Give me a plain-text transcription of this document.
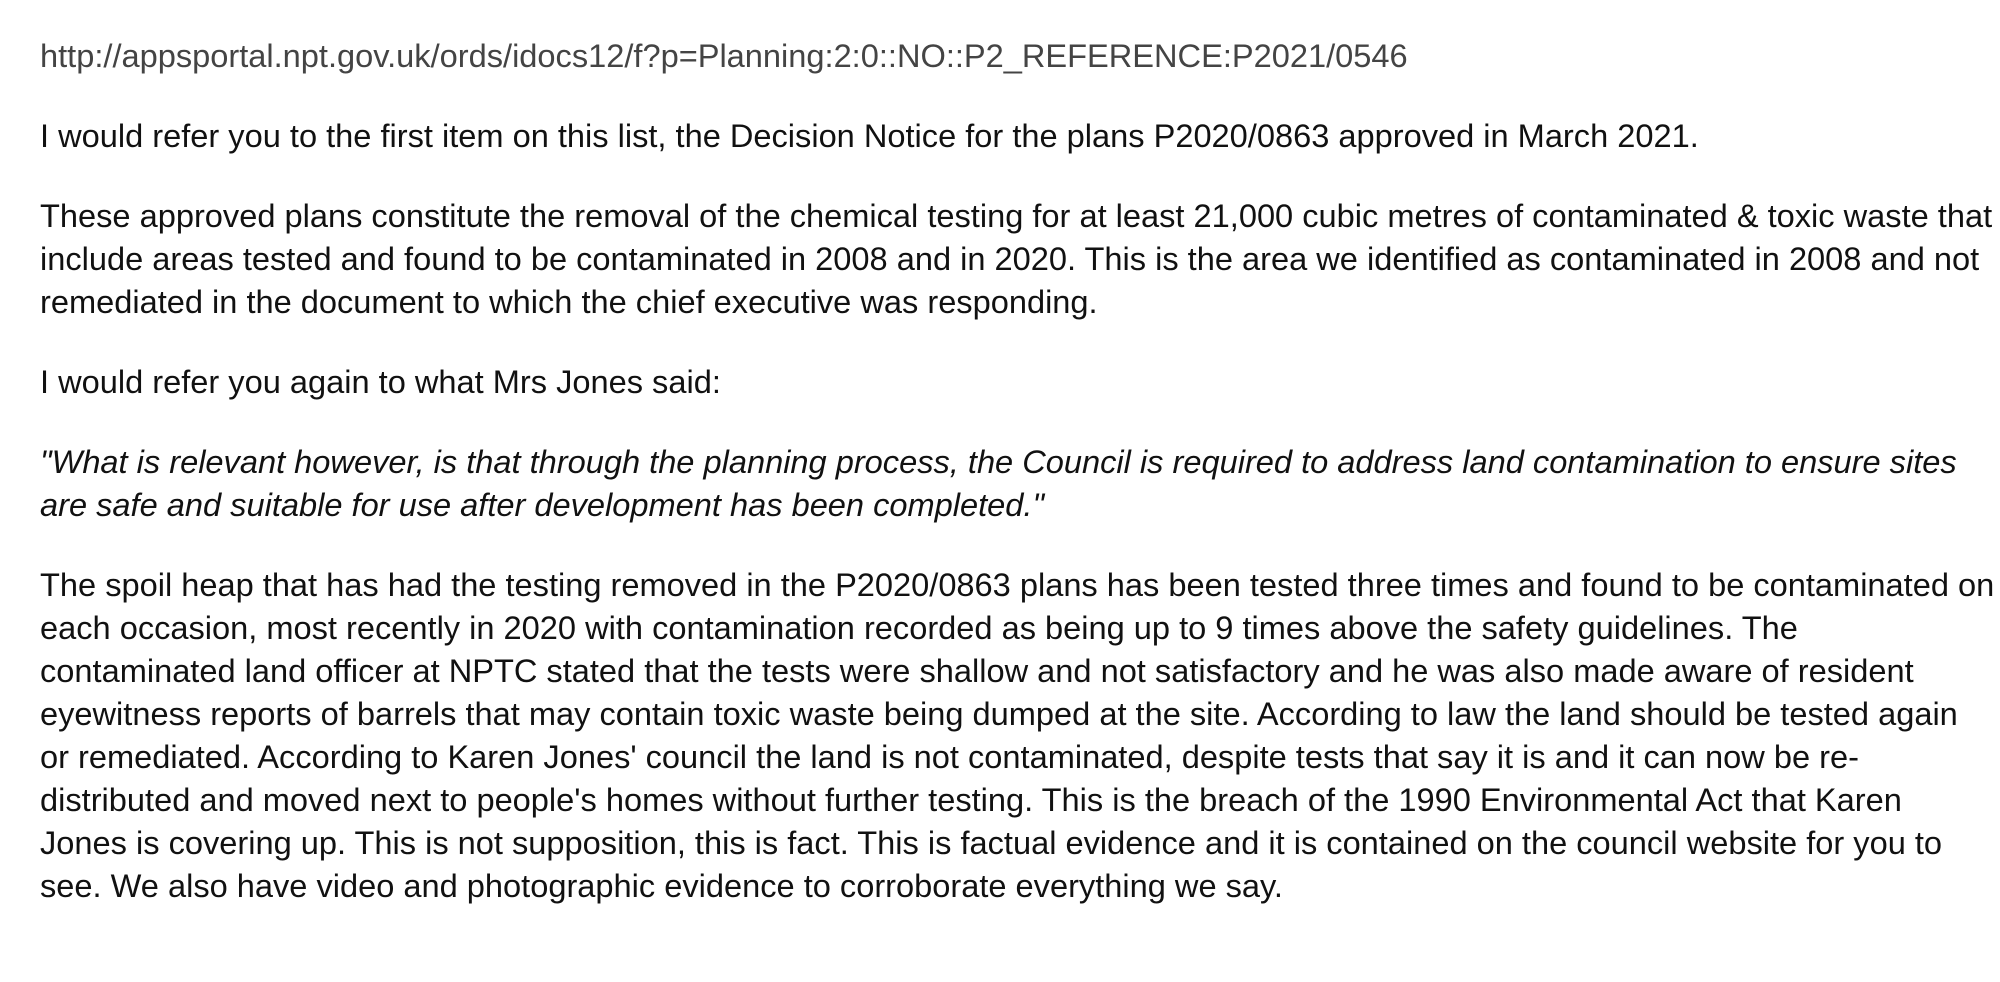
http://appsportal.npt.gov.uk/ords/idocs12/f?p=Planning:2:0::NO::P2_REFERENCE:P2021/0546

I would refer you to the first item on this list, the Decision Notice for the plans P2020/0863 approved in March 2021.

These approved plans constitute the removal of the chemical testing for at least 21,000 cubic metres of contaminated & toxic waste that include areas tested and found to be contaminated in 2008 and in 2020. This is the area we identified as contaminated in 2008 and not remediated in the document to which the chief executive was responding.

I would refer you again to what Mrs Jones said:

"What is relevant however, is that through the planning process, the Council is required to address land contamination to ensure sites are safe and suitable for use after development has been completed."

The spoil heap that has had the testing removed in the P2020/0863 plans has been tested three times and found to be contaminated on each occasion, most recently in 2020 with contamination recorded as being up to 9 times above the safety guidelines. The contaminated land officer at NPTC stated that the tests were shallow and not satisfactory and he was also made aware of resident eyewitness reports of barrels that may contain toxic waste being dumped at the site. According to law the land should be tested again or remediated. According to Karen Jones' council the land is not contaminated, despite tests that say it is and it can now be re-distributed and moved next to people's homes without further testing. This is the breach of the 1990 Environmental Act that Karen Jones is covering up. This is not supposition, this is fact. This is factual evidence and it is contained on the council website for you to see. We also have video and photographic evidence to corroborate everything we say.
